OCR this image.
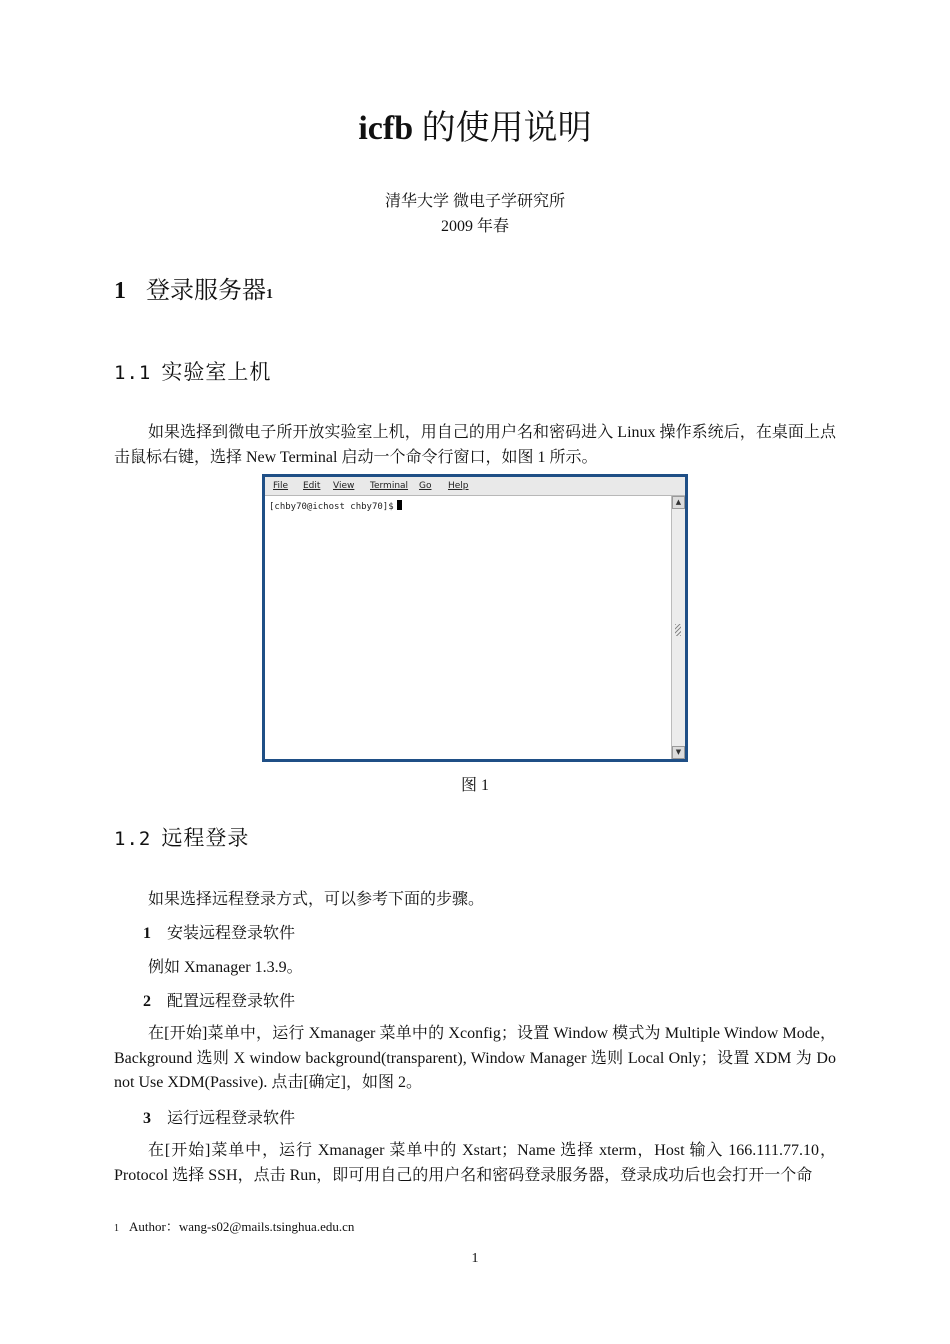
icfb 的使用说明
清华大学 微电子学研究所
2009 年春
1 登录服务器1
1.1 实验室上机
如果选择到微电子所开放实验室上机，用自己的用户名和密码进入 Linux 操作系统后，在桌面上点击鼠标右键，选择 New Terminal 启动一个命令行窗口，如图 1 所示。
File Edit View Terminal Go Help
[chby70@ichost chby70]$	▲
▼
图 1
1.2 远程登录
如果选择远程登录方式，可以参考下面的步骤。
1 安装远程登录软件
例如 Xmanager 1.3.9。
2 配置远程登录软件
在[开始]菜单中，运行 Xmanager 菜单中的 Xconfig；设置 Window 模式为 Multiple Window Mode，Background 选则 X window background(transparent), Window Manager 选则 Local Only；设置 XDM 为 Do not Use XDM(Passive). 点击[确定]，如图 2。
3 运行远程登录软件
在[开始]菜单中，运行 Xmanager 菜单中的 Xstart；Name 选择 xterm，Host 输入 166.111.77.10，Protocol 选择 SSH，点击 Run，即可用自己的用户名和密码登录服务器，登录成功后也会打开一个命
1 Author：wang-s02@mails.tsinghua.edu.cn
1
